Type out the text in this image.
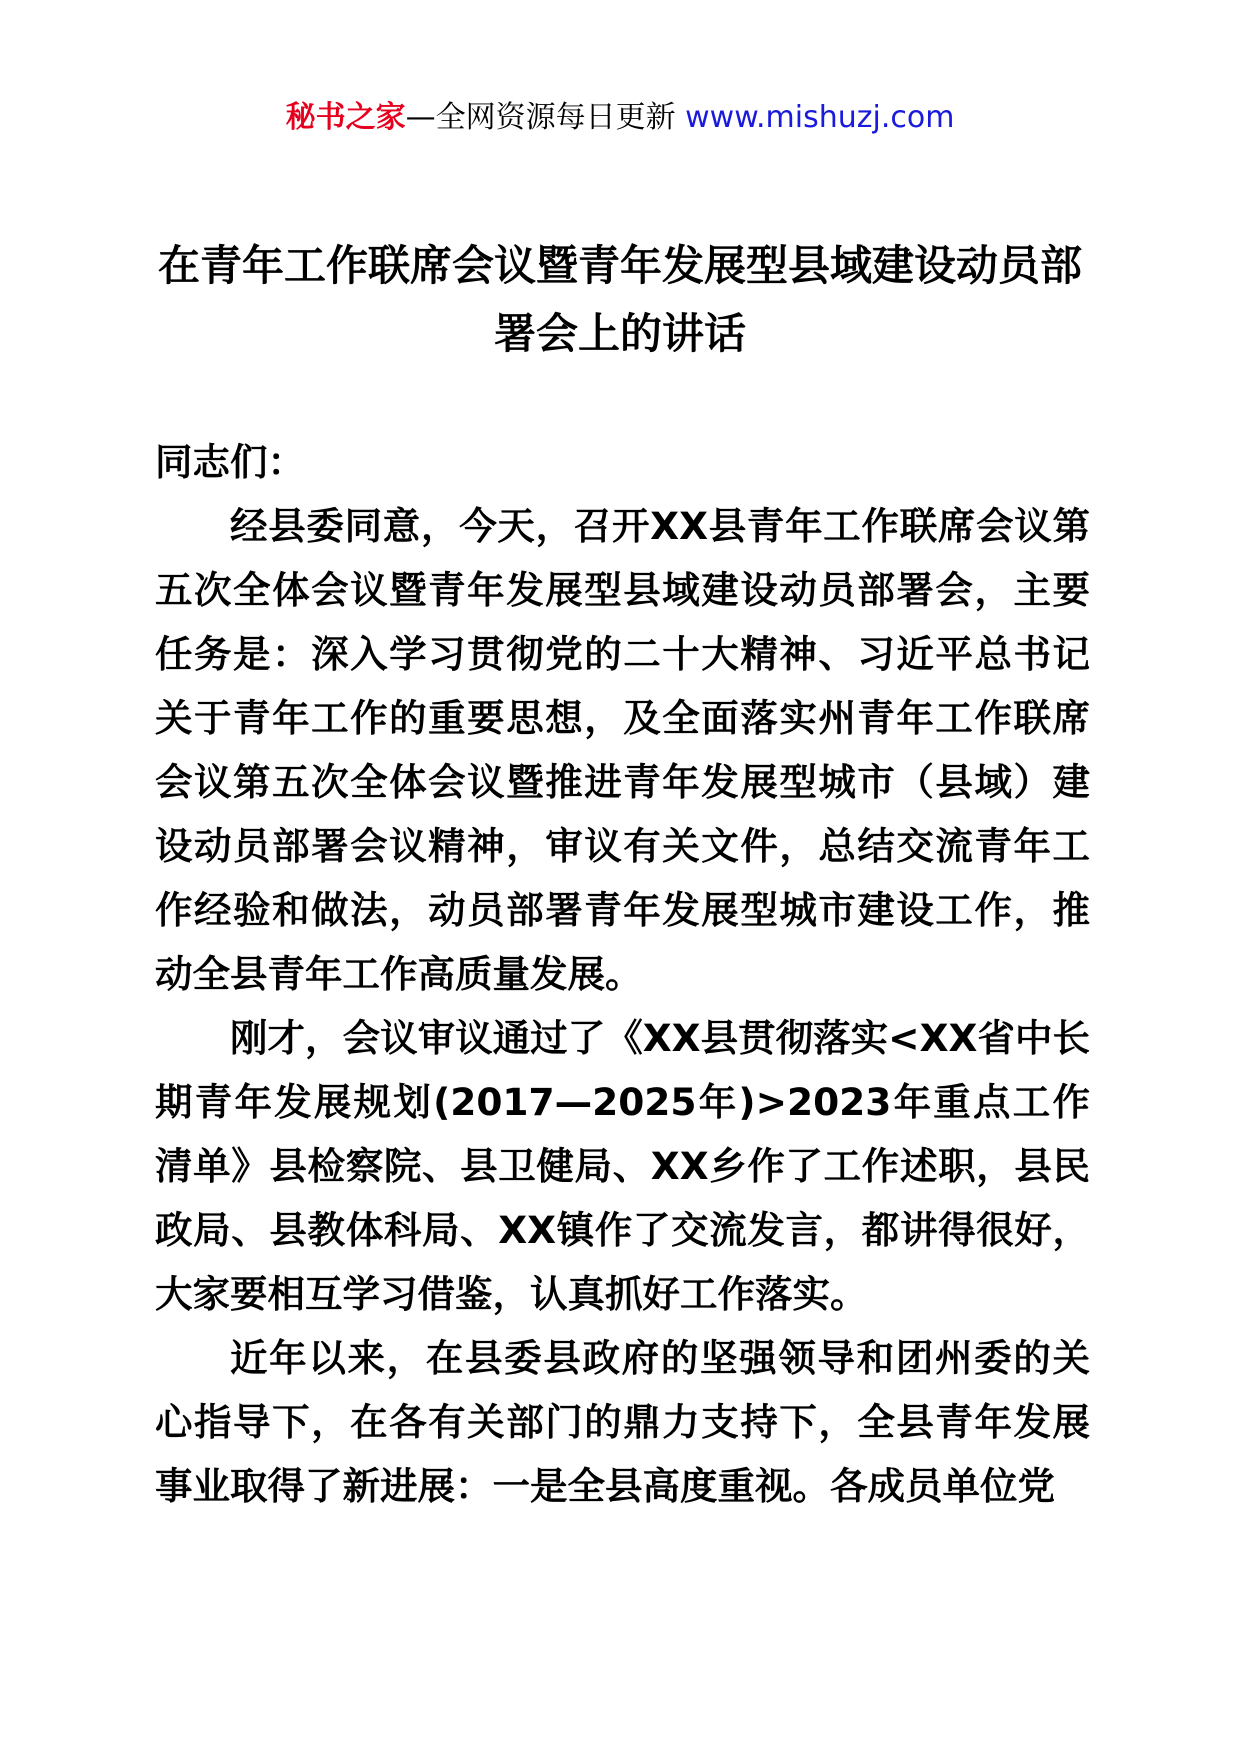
秘书之家—全网资源每日更新 www.mishuzj.com
在青年工作联席会议暨青年发展型县域建设动员部署会上的讲话

同志们：

经县委同意，今天，召开XX县青年工作联席会议第五次全体会议暨青年发展型县域建设动员部署会，主要任务是：深入学习贯彻党的二十大精神、习近平总书记关于青年工作的重要思想，及全面落实州青年工作联席会议第五次全体会议暨推进青年发展型城市（县域）建设动员部署会议精神，审议有关文件，总结交流青年工作经验和做法，动员部署青年发展型城市建设工作，推动全县青年工作高质量发展。

刚才，会议审议通过了《XX县贯彻落实<XX省中长期青年发展规划(2017—2025年)>2023年重点工作清单》县检察院、县卫健局、XX乡作了工作述职，县民政局、县教体科局、XX镇作了交流发言，都讲得很好，大家要相互学习借鉴，认真抓好工作落实。

近年以来，在县委县政府的坚强领导和团州委的关心指导下，在各有关部门的鼎力支持下，全县青年发展事业取得了新进展：一是全县高度重视。各成员单位党
